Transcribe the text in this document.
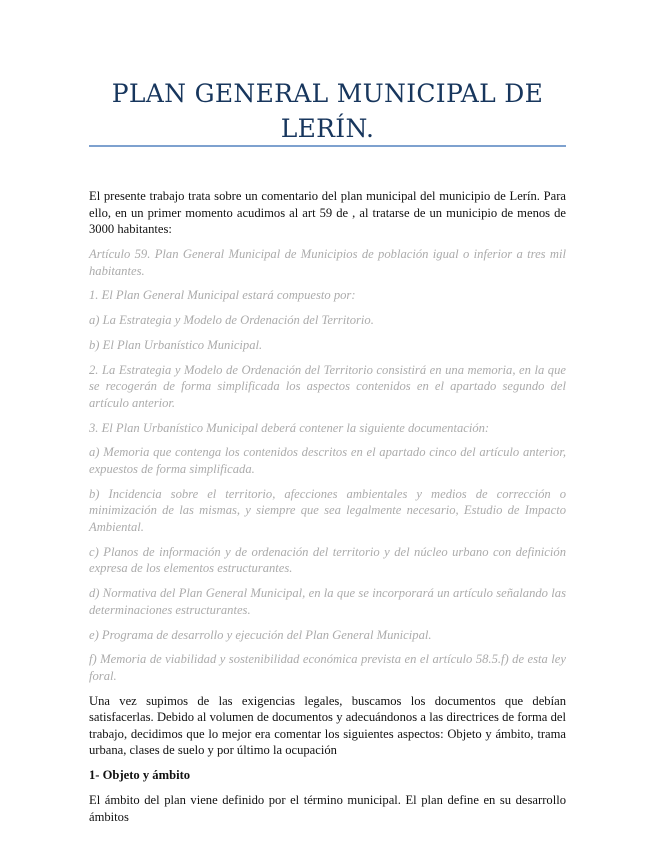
PLAN GENERAL MUNICIPAL DE LERÍN.

El presente trabajo trata sobre un comentario del plan municipal del municipio de Lerín. Para ello, en un primer momento acudimos al art 59 de , al tratarse de un municipio de menos de 3000 habitantes:

Artículo 59. Plan General Municipal de Municipios de población igual o inferior a tres mil habitantes.

1. El Plan General Municipal estará compuesto por:

a) La Estrategia y Modelo de Ordenación del Territorio.

b) El Plan Urbanístico Municipal.

2. La Estrategia y Modelo de Ordenación del Territorio consistirá en una memoria, en la que se recogerán de forma simplificada los aspectos contenidos en el apartado segundo del artículo anterior.

3. El Plan Urbanístico Municipal deberá contener la siguiente documentación:

a) Memoria que contenga los contenidos descritos en el apartado cinco del artículo anterior, expuestos de forma simplificada.

b) Incidencia sobre el territorio, afecciones ambientales y medios de corrección o minimización de las mismas, y siempre que sea legalmente necesario, Estudio de Impacto Ambiental.

c) Planos de información y de ordenación del territorio y del núcleo urbano con definición expresa de los elementos estructurantes.

d) Normativa del Plan General Municipal, en la que se incorporará un artículo señalando las determinaciones estructurantes.

e) Programa de desarrollo y ejecución del Plan General Municipal.

f) Memoria de viabilidad y sostenibilidad económica prevista en el artículo 58.5.f) de esta ley foral.

Una vez supimos de las exigencias legales, buscamos los documentos que debían satisfacerlas. Debido al volumen de documentos y adecuándonos a las directrices de forma del trabajo, decidimos que lo mejor era comentar los siguientes aspectos: Objeto y ámbito, trama urbana, clases de suelo y por último la ocupación

1- Objeto y ámbito

El ámbito del plan viene definido por el término municipal. El plan define en su desarrollo ámbitos
